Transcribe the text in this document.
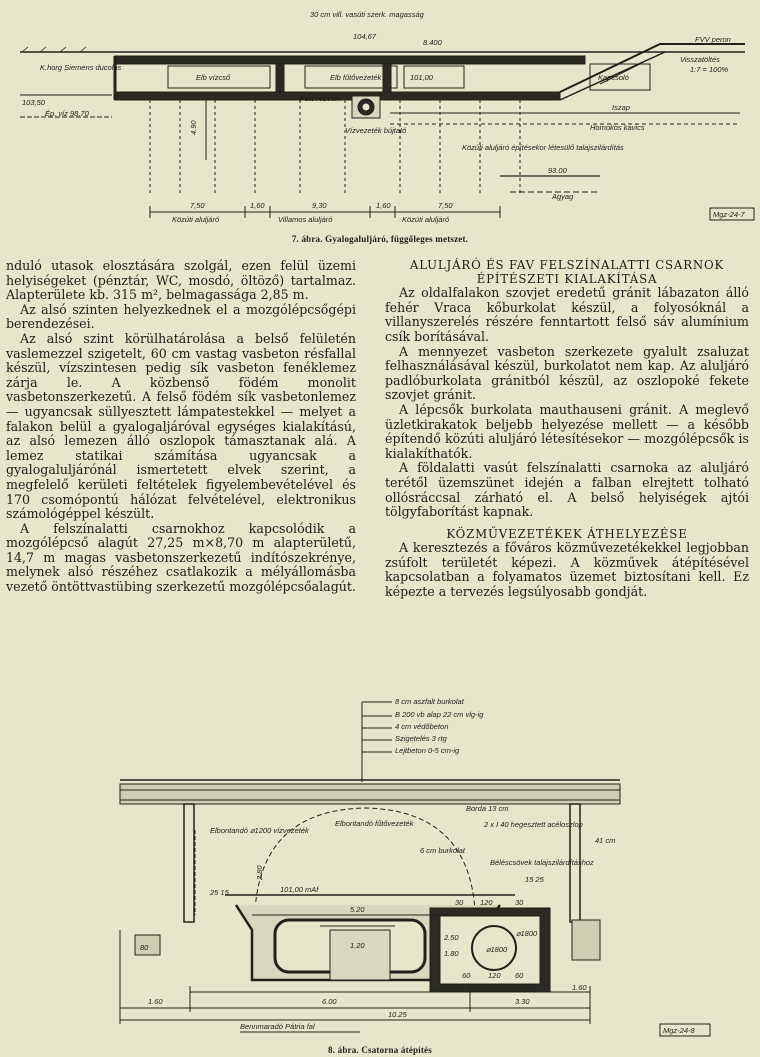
30 cm vill. vasúti szerk. magasság
104,67
8.400	FVV peron
K.horg Siemens ducolás
103,50
Ép. víz 98,70
Elb vízcső	Elb fűtővezeték
Fűtővezeték
101,00	Kapcsoló
Visszatöltés
1:7 = 100%
Iszap
Homokos kavics
Vízvezeték bújtató
Közúti aluljáró építésekor létesülő talajszilárdítás
4.90
93.00
Agyag
7,50	1,60	9,30	1,60	7,50
Közúti aluljáró	Villamos aluljáró	Közúti aluljáró
Mgz-24-7
7. ábra. Gyalogaluljáró, függőleges metszet.

nduló utasok elosztására szolgál, ezen felül üzemi helyiségeket (pénztár, WC, mosdó, öltöző) tartalmaz. Alapterülete kb. 315 m², belmagassága 2,85 m.

Az alsó szinten helyezkednek el a mozgólépcsőgépi berendezései.

Az alsó szint körülhatárolása a belső felületén vaslemezzel szigetelt, 60 cm vastag vasbeton résfallal készül, vízszintesen pedig sík vasbeton fenéklemez zárja le. A közbenső födém monolit vasbetonszerkezetű. A felső födém sík vasbetonlemez — ugyancsak süllyesztett lámpatestekkel — melyet a falakon belül a gyalogaljáróval egységes kialakítású, az alsó lemezen álló oszlopok támasztanak alá. A lemez statikai számítása ugyancsak a gyalogaluljárónál ismertetett elvek szerint, a megfelelő kerületi feltételek figyelembevételével és 170 csomópontú hálózat felvételével, elektronikus számológéppel készült.

A felszínalatti csarnokhoz kapcsolódik a mozgólépcső alagút 27,25 m×8,70 m alapterületű, 14,7 m magas vasbetonszerkezetű indítószekrénye, melynek alsó részéhez csatlakozik a mélyállomásba vezető öntöttvastübing szerkezetű mozgólépcsőalagút.

ALULJÁRÓ ÉS FAV FELSZÍNALATTI CSARNOK ÉPÍTÉSZETI KIALAKÍTÁSA

Az oldalfalakon szovjet eredetű gránit lábazaton álló fehér Vraca kőburkolat készül, a folyosóknál a villanyszerelés részére fenntartott felső sáv alumínium csík borításával.

A mennyezet vasbeton szerkezete gyalult zsaluzat felhasználásával készül, burkolatot nem kap. Az aluljáró padlóburkolata gránitból készül, az oszlopoké fekete szovjet gránit.

A lépcsők burkolata mauthauseni gránit. A meglevő üzletkirakatok beljebb helyezése mellett — a később építendő közúti aluljáró létesítésekor — mozgólépcsők is kialakíthatók.

A földalatti vasút felszínalatti csarnoka az aluljáró terétől üzemszünet idején a falban elrejtett tolható ollósráccsal zárható el. A belső helyiségek ajtói tölgyfaborítást kapnak.

KÖZMŰVEZETÉKEK ÁTHELYEZÉSE

A keresztezés a főváros közművezetékekkel legjobban zsúfolt területét képezi. A közművek átépítésével kapcsolatban a folyamatos üzemet biztosítani kell. Ez képezte a tervezés legsúlyosabb gondját.

8 cm aszfalt burkolat
B 200 vb alap 22 cm vlg-ig
4 cm védőbeton
Szigetelés 3 rtg
Lejtbeton 0-5 cm-ig
Borda 13 cm
2 x I 40 hegesztett acéloszlop
41 cm
Elbontandó ⌀1200 vízvezeték
Elbontandó fűtővezeték
6 cm burkolat
Béléscsövek talajszilárdításhoz
101,00 mAf
5.20
1.20
2.80
6.00	3.30
10.25
1.60
1.60
80
25 15
15 25
30 120	30
2.50
1.80
60 120 60
⌀1800
⌀1800
Bennmaradó Pátria fal	Mgz-24-8
8. ábra. Csatorna átépítés
